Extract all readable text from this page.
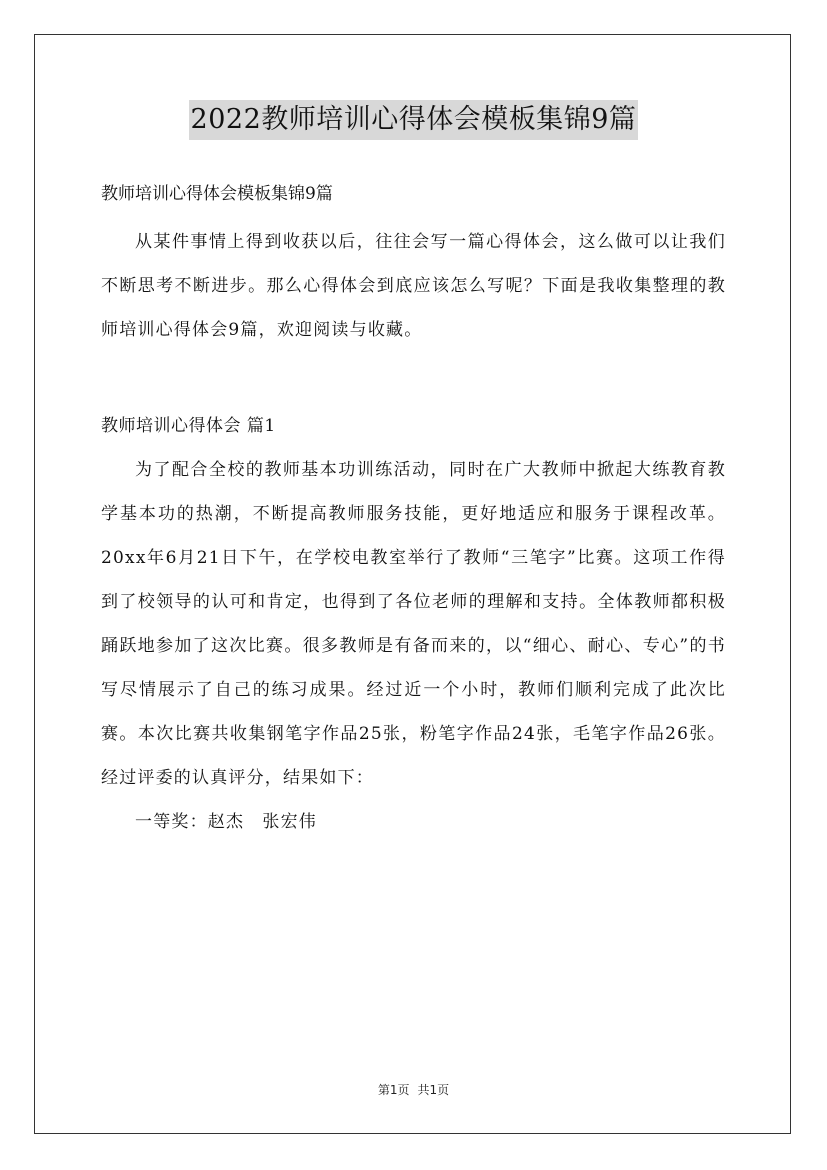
2022教师培训心得体会模板集锦9篇

教师培训心得体会模板集锦9篇

从某件事情上得到收获以后，往往会写一篇心得体会，这么做可以让我们不断思考不断进步。那么心得体会到底应该怎么写呢？下面是我收集整理的教师培训心得体会9篇，欢迎阅读与收藏。

教师培训心得体会 篇1

为了配合全校的教师基本功训练活动，同时在广大教师中掀起大练教育教学基本功的热潮，不断提高教师服务技能，更好地适应和服务于课程改革。20xx年6月21日下午，在学校电教室举行了教师“三笔字”比赛。这项工作得到了校领导的认可和肯定，也得到了各位老师的理解和支持。全体教师都积极踊跃地参加了这次比赛。很多教师是有备而来的，以“细心、耐心、专心”的书写尽情展示了自己的练习成果。经过近一个小时，教师们顺利完成了此次比赛。本次比赛共收集钢笔字作品25张，粉笔字作品24张，毛笔字作品26张。经过评委的认真评分，结果如下：

一等奖：赵杰　张宏伟

第1页 共1页
